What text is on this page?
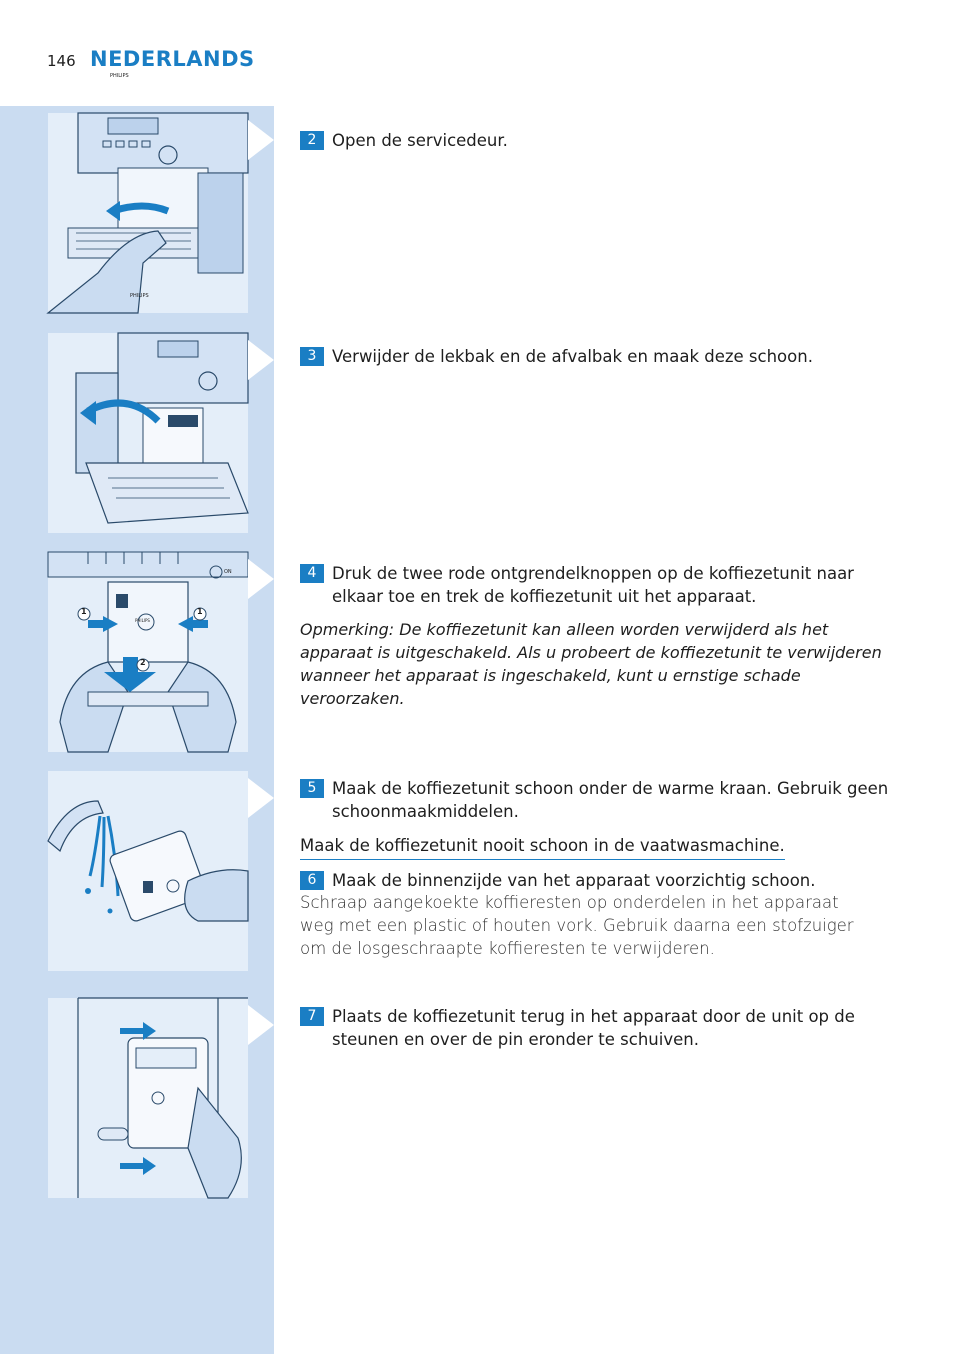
146 NEDERLANDS
PHILIPS
PHILIPS
1	1
2
ON
PHILIPS
2 Open de servicedeur.
3 Verwijder de lekbak en de afvalbak en maak deze schoon.
4 Druk de twee rode ontgrendelknoppen op de koffiezetunit naar elkaar toe en trek de koffiezetunit uit het apparaat.
Opmerking: De koffiezetunit kan alleen worden verwijderd als het apparaat is uitgeschakeld. Als u probeert de koffiezetunit te verwijderen wanneer het apparaat is ingeschakeld, kunt u ernstige schade veroorzaken.
5 Maak de koffiezetunit schoon onder de warme kraan. Gebruik geen schoonmaakmiddelen.
Maak de koffiezetunit nooit schoon in de vaatwasmachine.
6 Maak de binnenzijde van het apparaat voorzichtig schoon.
Schraap aangekoekte koffieresten op onderdelen in het apparaat weg met een plastic of houten vork. Gebruik daarna een stofzuiger om de losgeschraapte koffieresten te verwijderen.
7 Plaats de koffiezetunit terug in het apparaat door de unit op de steunen en over de pin eronder te schuiven.
